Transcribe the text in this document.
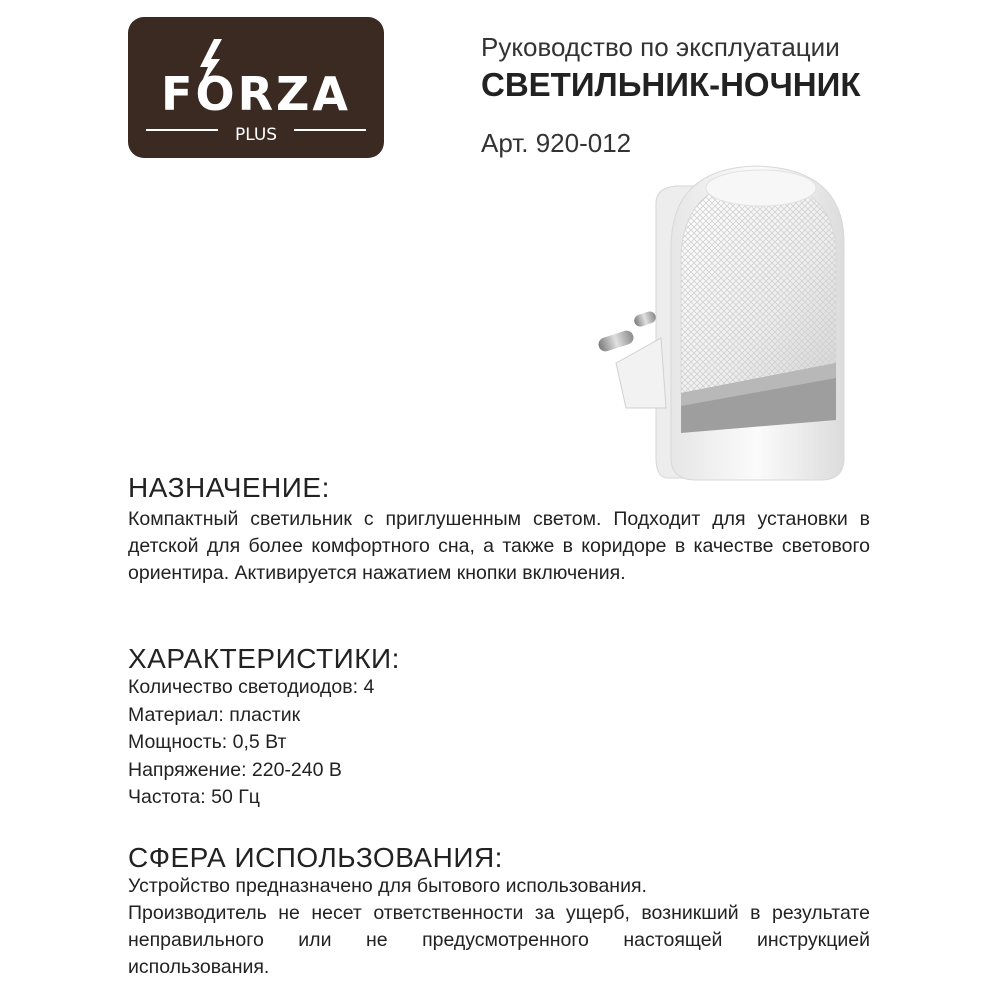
FORZA
PLUS
Руководство по эксплуатации
СВЕТИЛЬНИК-НОЧНИК
Арт. 920-012
НАЗНАЧЕНИЕ:

Компактный светильник с приглушенным светом. Подходит для установки в детской для более комфортного сна, а также в коридоре в качестве светового ориентира. Активируется нажатием кнопки включения.

ХАРАКТЕРИСТИКИ:
Количество светодиодов: 4
Материал: пластик
Мощность: 0,5 Вт
Напряжение: 220-240 В
Частота: 50 Гц
СФЕРА ИСПОЛЬЗОВАНИЯ:

Устройство предназначено для бытового использования.

Производитель не несет ответственности за ущерб, возникший в результате неправильного или не предусмотренного настоящей инструкцией использования.
